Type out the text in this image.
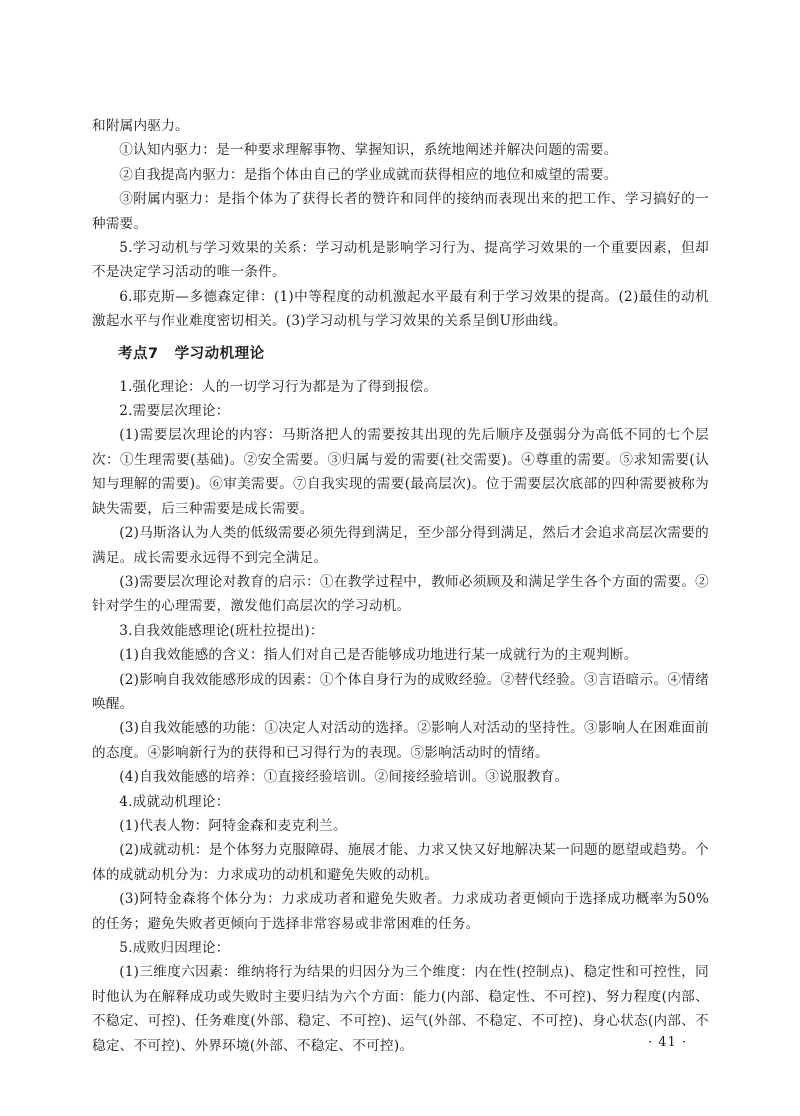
和附属内驱力。

①认知内驱力：是一种要求理解事物、掌握知识，系统地阐述并解决问题的需要。

②自我提高内驱力：是指个体由自己的学业成就而获得相应的地位和威望的需要。

③附属内驱力：是指个体为了获得长者的赞许和同伴的接纳而表现出来的把工作、学习搞好的一种需要。

5.学习动机与学习效果的关系：学习动机是影响学习行为、提高学习效果的一个重要因素，但却不是决定学习活动的唯一条件。

6.耶克斯—多德森定律：(1)中等程度的动机激起水平最有利于学习效果的提高。(2)最佳的动机激起水平与作业难度密切相关。(3)学习动机与学习效果的关系呈倒U形曲线。

考点7 学习动机理论

1.强化理论：人的一切学习行为都是为了得到报偿。

2.需要层次理论：

(1)需要层次理论的内容：马斯洛把人的需要按其出现的先后顺序及强弱分为高低不同的七个层次：①生理需要(基础)。②安全需要。③归属与爱的需要(社交需要)。④尊重的需要。⑤求知需要(认知与理解的需要)。⑥审美需要。⑦自我实现的需要(最高层次)。位于需要层次底部的四种需要被称为缺失需要，后三种需要是成长需要。

(2)马斯洛认为人类的低级需要必须先得到满足，至少部分得到满足，然后才会追求高层次需要的满足。成长需要永远得不到完全满足。

(3)需要层次理论对教育的启示：①在教学过程中，教师必须顾及和满足学生各个方面的需要。②针对学生的心理需要，激发他们高层次的学习动机。

3.自我效能感理论(班杜拉提出)：

(1)自我效能感的含义：指人们对自己是否能够成功地进行某一成就行为的主观判断。

(2)影响自我效能感形成的因素：①个体自身行为的成败经验。②替代经验。③言语暗示。④情绪唤醒。

(3)自我效能感的功能：①决定人对活动的选择。②影响人对活动的坚持性。③影响人在困难面前的态度。④影响新行为的获得和已习得行为的表现。⑤影响活动时的情绪。

(4)自我效能感的培养：①直接经验培训。②间接经验培训。③说服教育。

4.成就动机理论：

(1)代表人物：阿特金森和麦克利兰。

(2)成就动机：是个体努力克服障碍、施展才能、力求又快又好地解决某一问题的愿望或趋势。个体的成就动机分为：力求成功的动机和避免失败的动机。

(3)阿特金森将个体分为：力求成功者和避免失败者。力求成功者更倾向于选择成功概率为50%的任务；避免失败者更倾向于选择非常容易或非常困难的任务。

5.成败归因理论：

(1)三维度六因素：维纳将行为结果的归因分为三个维度：内在性(控制点)、稳定性和可控性，同时他认为在解释成功或失败时主要归结为六个方面：能力(内部、稳定性、不可控)、努力程度(内部、不稳定、可控)、任务难度(外部、稳定、不可控)、运气(外部、不稳定、不可控)、身心状态(内部、不稳定、不可控)、外界环境(外部、不稳定、不可控)。	· 41 ·
